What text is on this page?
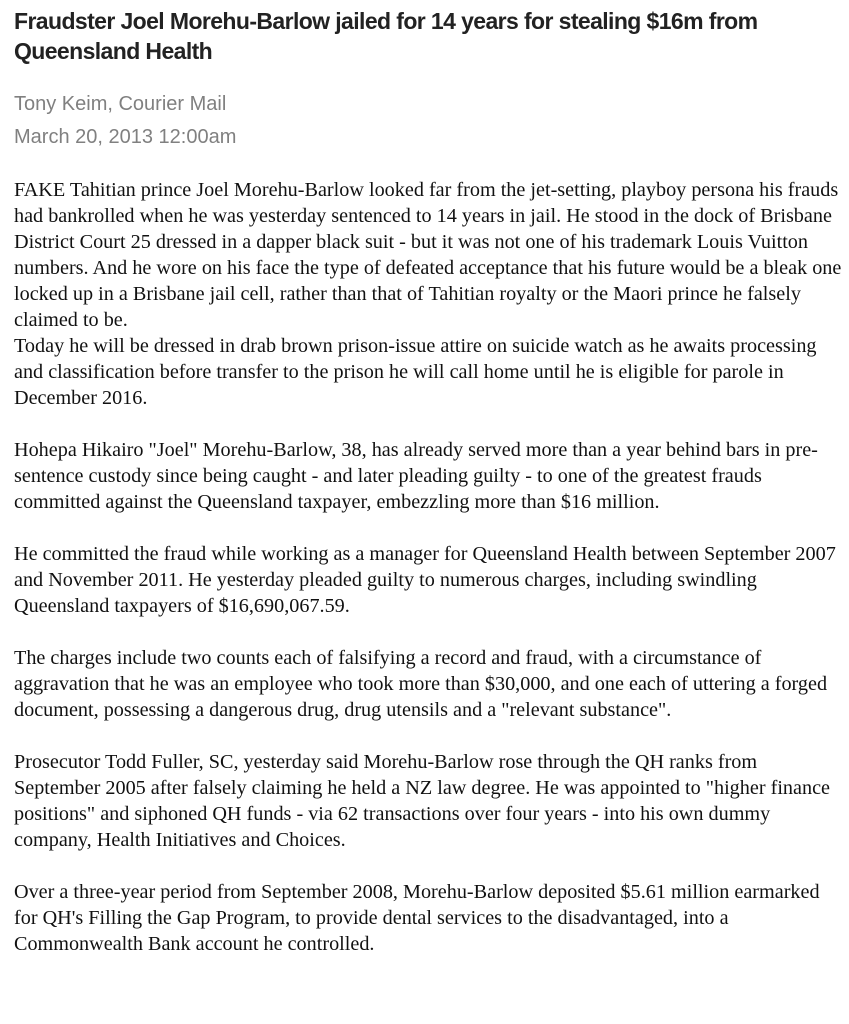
Fraudster Joel Morehu-Barlow jailed for 14 years for stealing $16m from Queensland Health
Tony Keim, Courier Mail
March 20, 2013 12:00am

FAKE Tahitian prince Joel Morehu-Barlow looked far from the jet-setting, playboy persona his frauds had bankrolled when he was yesterday sentenced to 14 years in jail. He stood in the dock of Brisbane District Court 25 dressed in a dapper black suit - but it was not one of his trademark Louis Vuitton numbers. And he wore on his face the type of defeated acceptance that his future would be a bleak one locked up in a Brisbane jail cell, rather than that of Tahitian royalty or the Maori prince he falsely claimed to be.

Today he will be dressed in drab brown prison-issue attire on suicide watch as he awaits processing and classification before transfer to the prison he will call home until he is eligible for parole in December 2016.

Hohepa Hikairo "Joel" Morehu-Barlow, 38, has already served more than a year behind bars in pre-sentence custody since being caught - and later pleading guilty - to one of the greatest frauds committed against the Queensland taxpayer, embezzling more than $16 million.

He committed the fraud while working as a manager for Queensland Health between September 2007 and November 2011. He yesterday pleaded guilty to numerous charges, including swindling Queensland taxpayers of $16,690,067.59.

The charges include two counts each of falsifying a record and fraud, with a circumstance of aggravation that he was an employee who took more than $30,000, and one each of uttering a forged document, possessing a dangerous drug, drug utensils and a "relevant substance".

Prosecutor Todd Fuller, SC, yesterday said Morehu-Barlow rose through the QH ranks from September 2005 after falsely claiming he held a NZ law degree. He was appointed to "higher finance positions" and siphoned QH funds - via 62 transactions over four years - into his own dummy company, Health Initiatives and Choices.

Over a three-year period from September 2008, Morehu-Barlow deposited $5.61 million earmarked for QH's Filling the Gap Program, to provide dental services to the disadvantaged, into a Commonwealth Bank account he controlled.
